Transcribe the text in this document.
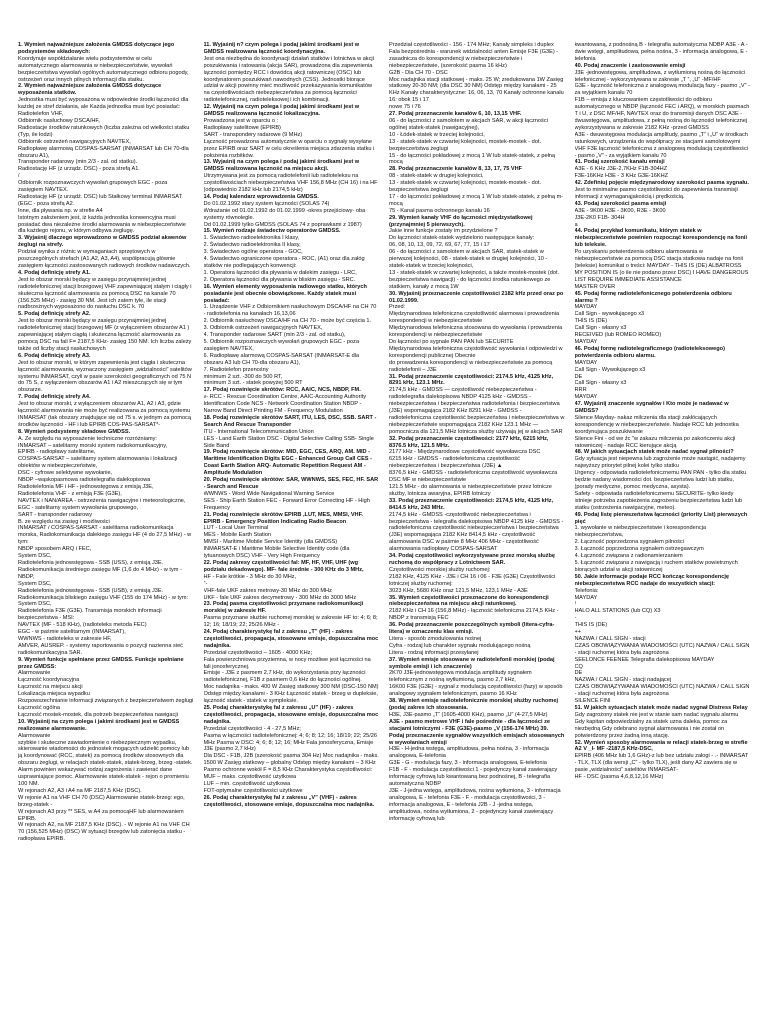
1. Wymień najważniejsze założenia GMDSS dotyczące jego podsystemów składowych:
Koordynuje współdziałanie wielu podsystemów w celu automatycznego alarmowania w niebezpieczeństwie, wywołań bezpieczeństwa wywołań ogólnych automatycznego odbioru pogody, ostrzeżeń oraz innych pilnych informacji dla statku.
2. Wymień najważniejsze założenia GMDSS dotyczące wyposażenia statków.
Jednostka musi być wyposażona w odpowiednie środki łączności dla każdej ze stref działania, ale Każda jednostka musi być posiadać:
Radiotelefon VHF,
Odbiornik nasłuchowy DSCA/HF,
Radiostacje środków ratunkowych (liczba zależna od wielkości statku (Typ, ile łodzi)
Odbiornik ostrzeżeń nawigacyjnych NAVTEX,
Radiopławę alarmową COSPAS-SARSAT (INMARSAT lub CH 70-dla obszaru A1),
Transponder radarowy (min 2/3 - zal. od statku).
Radiostację HF (z urządz. DSC) - poza strefą A1.
/
Odbiornik rozpoznawczych wywołań grupowych EGC - poza zasięgiem NAVTEX.
Radiostację HF (z urządź. DSC) lub Stałkowy terminal INMARSAT (EGC - poza strefą A2.
Inne, dla pływania np. w strefie A4
Istotnym założeniem jest, iż każda jednostka konwencyjna musi posiadać dwa niezależne środki alarmowania w niebezpieczeństwie dla każdego rejonu, w którym odbywa żeglugę.
3. Wyjaśnij dlaczego wprowadzono w GMDSS podział akwenów żeglugi na strefy.
Podział wynika z różnic w wymaganiach sprzętowych w poszczególnych strefach (A1,A2, A3, A4), współpracują głównie zasięgiem łączności zastosowanych radiowych środków nadawczych.
4. Podaj definicję strefy A1.
Jest to obszar morski będący w zasięgu przynajmniej jednej radiotelefonicznej stacji brzegowej VHF zapewniającej stałym i ciągły i skuteczna łączność alarmowania za pomocą DSC na kanale 70 (156,525 MHz) - zasięg 30 NM. Jest ich zatem tyle, ile stacji nadbrzeżnych wyposażono do nasłuchu DSC k. 70
5. Podaj definicję strefy A2.
Jest to obszar morski będący w zasięgu przynajmniej jednej radiotelefonicznej stacji brzegowej MF (z wyłączeniem obszarów A1 ) zapewniającej stałym ciągłą i skuteczna łączność alarmowania za pomocą DSC na fali F= 2187,5 KHz- zasięg 150 NM. Ich liczba zależy także od liczby stacji nasłuchowych
6. Podaj definicję strefy A3.
Jest to obszar morski, w którym zapewnienia jest ciągła i skuteczna łączność alarmowania, wyznaczony zasięgiem „widzialności” satelitów systemu INMARSAT, czyli w pasie szerokości geograficznych od 75 N do 75 S, z wyłączeniem obszarów A1 i A2 mieszczących się w tym obszarze.
7. Podaj definicję strefy A4.
Jest to obszar morski, z wyłączeniem obszarów A1, A2 i A3, gdzie łączność alarmowania nie może być realizowana za pomocą systemu INMARSAT (tak obszary znajdujące się od 75 s. w jednym za pomocą środków łączności - HF i lub EPIRB COS-PAS-SARSAT*-
8. Wymień podsystemy składowe GMDSS.
A. Ze względu na wyposażenie techniczne rozróżniamy:
INMARSAT – satelitarny morski system radiokomunikacyjny,
EPIRB - radiopławy satelitarne,
COSPAS-SARSAT – satelitarny system alarmowania i lokalizacji obiektów w niebezpieczeństwie,
DSC - cyfrowe selektywne wywołanie,
NBDP –wąskopasmowa radiotelegrafia dalekopisowa
Radiotelefonia MF i HF - jednowstęgowa z emisją J3E,
Radiotelefonia VHF - z emisją F3E (G3E),
NAVTEX i NAN/AREA - ostrzeżenia nawigacyjne i meteorologiczne,
EGC - satelitarny system wywołania grupowego,
SART - transponder radarowy
B. ze względu na zasięg i możliwości
INMARSAT / COSPAS-SARSAT - satelitarna radiokomunikacja morska, Radiokomunikacja dalekiego zasięgu HF (4 do 27,5 MHz) - w tym:
NBDP sposobem ARQ i FEC,
System DSC,
Radiotelefonia jednowstęgowa - SSB (USS), z emisją J3E. Radiokomunikacja średniego zasięgu MF (1,6 do 4 MHz) - w tym - NBDP,
System DSC,
Radiotelefonia jednowstęgowa - SSB (USB), z emisją J3E. Radiokomunikacja bliskiego zasięgu VHF (155 do 174 MHz) - w tym:
System DSC,
Radiotelefonia F3E (G3E). Transmisja morskich informacji bezpieczeństwa - MSI:
NAVTEX (MF - 518 KHz), (radioteleks metoda FEC)
EGC - w paśmie satelitarnym (INMARSAT),
WWNWS - radioteleks w zakresie HF,
AMVER, AUSREP. - systemy raportowania o pozycji nazienna sieć radiokomunikacyjna SAR.
9. Wymień funkcje spełniane przez GMDSS. Funkcje spełniane przez GMDSS:
Alarmowanie
Łączność koordynacyjna
Łączność na miejscu akcji
Lokalizacja miejsca wypadku
Rozpowszechnianie informacji związanych z bezpieczeństwem żeglugi
Łączność ogólna
Łączność mostek-mostek, dla potrzeb bezpieczeństwa nawigacji
10. Wyjaśnij na czym polega i jakimi środkami jest w GMDSS realizowane alarmowanie.
Alarmowanie
szybkie i skuteczne zawiadomienie o niebezpiecznym wypadku,
skierowanie wiadomości do jednostek mogących udzielić pomocy lub ją koordynować (RCC, statek) za pomocą środków stosownych dla obszaru żeglugi, w relacjach statek-statek, statek-brzeg, brzeg -statek. Alarm powinien wskazywać rodzaj zagrożenia i zawierać dane usprawniające pomoc. Alarmowanie statek-statek - rejon o promieniu 100 NM.
W rejonach A2, A3 i A4 na MF 2187,5 KHz (DSC).
W rejonie A1 na VHF CH 70 (DSC) Alarmowanie statek-brzeg: ego, brzeg-statek -
W rejonach A3 przy ** SES, w A4 za pomocąHF lub alarmowaniem EPIRB.
W rejonach A2, na MF 2187,5 KHz (DSC). - W rejonie A1 na VHF CH 70 (156,525 MHz) (DSC) W sytuacji brzegów lub zatonięcia statku - radiopława EPIRB.
11. Wyjaśnij n? czym polega i podaj jakimi środkami jest w GMDSS realizowana łączność koordynacyjna.
Jest ona niezbędna do koordynacji działań statków i lotnictwa w akcji poszukiwania i ratowania (akcja SAR), prowadzona dla zapewnienia łączności pomiędzy RCC i dowódcą akcji ratowniczej (OSC) lub koordynatorem poszukiwań nawodnych (CSS). Jednostki biorące udział w akcji powinny mieć możliwość przekazywania komunikatów na częstotliwościach niebezpieczeństwa za pomocą łączności radiotelefonicznej, radioteleksowej i ich kombinacji.
12. Wyjaśnij na czym polega i podaj jakimi środkami jest w GMDSS realizowana łączność lokalizacyjna.
Prowadzona jest w oparciu o :
Radiopławy satelitowe (EPIRB)
SART - transpondery radarowe (9 MHz)
Łączność prowadzona automatycznie w oparciu o sygnały wysyłane przez EPIRB oraz SART w celu określenia miejsca zdarzenia statku i położenia rozbitków.
13. Wyjaśnij na czym polega i podaj jakimi środkami jest w GMDSS realizowana łączność na miejscu akcji.
Utrzymywana jest za pomocą radiotelefonii lub radioteleksu na częstotliwościach niebezpieczeństwa VHF 156,8 MHz (CH 16) i na HF (odpowiednio 2182 kHz lub 2174,5 kHz)
14. Podaj kalendarz wprowadzenia GMDSS.
Do 01.02.1992 stary system łączności (SOLAS 74)
Wdrażanie od 01.02.1992 do 01.02.1999 -okres przejściowy- oba systemy równolegle.
Od 01.02.1999 tylko GMDSS (SOLAS 74 z poprawkami z 1987)
15. Wymień rodzaje świadectw operatorów GMDSS.
1. Świadectwo radioelektronika I klasy,
2. Świadectwo radioelektronika II klasy,
3. Świadectwo ogólne operatora - GOC,
4. Świadectwo ograniczone operatora - ROC, (A1) oraz dla załóg statków nie podlegających konwencji:
1. Operatora łączności dla pływania w dalekim zasięgu - LRC,
2. Operatora łączności dla pływania w bliskim zasięgu - SRC.
16. Wymień elementy wyposażenia radiowego statku, których posiadanie jest obecnie obowiązkowe. Każdy statek musi posiadać:
1. Urządzenie VHF z Odbiornikiem nasłuchowym DSCA/HF na CH 70 - radiotelefonia na kanałach 16,13,06
2. Odbiornik nasłuchowy DSCA/HF na CH 70 - może być częścia 1.
3. Odbiornik ostrzeżeń nawigacyjnych NAVTEX,
4. Transponder radarowe SART (min 2/3 - zal. od statku),
5. Odbiornik rozpoznawczych wywołań grupowych EGC - poza zasięgiem NAVTEX,
6. Radiopławę alarmową COSPAS-SARSAT (INMARSAT-E dla obszaru A3 lub CH 70-dla obszaru A1),
7. Radiotelefon przenośny
minimum 2 szt. -300 do 500 RT,
minimum 3 szt. - statek powyżej 500 RT
17. Podaj rozwinięcie skrótów: RCC, AAIC, NCS, NBDP, FM.
v- RCC - Rescue Coordination Centre, AAIC-Accounting Authority Identification Code NCS - Network Coordination Station NBDP - Narrow Band Direct Printing FM - Frequency Modulation
18. Podaj rozwinięcie skrótów SART, ITU, LES, DSC, SSB. SART - Search And Rescue Transponder
ITU - International Telecommunication Union
LES - Land Earth Station DSC - Digital Selective Calling SSB- Single Side Band
19. Podaj rozwinięcie skrótów: MID, EGC, CES, ARQ, AM. MID - Maritime Identification Digits EGC - Enhanced Group Call CES - Coast Earth Station ARQ- Automatic Repetition Request AM - Amplitude Modulation
20. Podaj rozwinięcie skrótów: SAR, WWNWS, SES, FEC, HF. SAR - Search and Rescue
WWNWS - Word Wide Navigational Warning Service
SES - Ship Earth Station FEC - Forward Error Correcting HF - High Frequency
21. Podaj rozwinięcie skrótów EPIRB ,LUT, MES, MMSI, VHF. EPIRB - Emergency Position Indicating Radio Beacon
LUT - Local User Terminal
MES - Mobile Earth Station
MMSI - Maritime Mobile Service Identity (dla GMDSS)
INMARSAT-E i Maritime Mobile Selective Identity code (dla tytuanowych DSC) VHF - Very High Frequency
22. Podaj zakresy częstotliwości fal: MF, HF, VHF, UHF (wg podziału dekadowego). MF- fale średnie - 300 KHz do 3 MHz,
HF - Fale krótkie - 3 MHz do 30 MHz,
"-
VHF-fale UKF zakres metrowy-30 MHz do 300 MHz
UKF - fale UKF zakres decymetrowy - 300 MHz do 3000 MHz
23. Podaj pasma częstotliwości przyznane radiokomunikacji morskiej w zakresie HF.
Pasma przyznane służbie ruchomej morskiej w zakresie HF to: 4; 6; 8; 12; 16; 18/19; 22; 25/26 MHz -
24. Podaj charakterystykę fal z zakresu „T” (HF) - zakres częstotliwości, propagacja, stosowane emisje, dopuszczalna moc nadajnika.
Przedział częstotliwości – 1605 - 4000 KHz;
Fala powierzchniowa przyziemna, w nocy możliwe jest łączności na fali jonosferycznej.
Emisje - J3E z pasmem 2,7 kHz, do wykorzystania przy łączności radiotelefonicznej, F1B z pasmem 0,6 kHz do łączności ogólnej.
Moc nadajnika - maks. 400 W Zasięg statkowy 300 NM (DSC-150 NM) Odstęp między kanałami - 3 KHz Łączność statek - brzeg w dupleksie, łączność statek - statek w sympleksie.
25. Podaj charakterystykę fal z zakresu „U” (HF) - zakres częstotliwości, propagacja, stosowane emisje, dopuszczalna moc nadajnika.
Przedział częstotliwości - 4 - 27,5 MHz;
Pasma w łączności radiotelefonicznej: 4; 6; 8; 12; 16; 18/19; 22; 25/26 MHz Pasma w DSC: 4; 6; 8; 12; 16; MHz Fala jonosferyczna, Emisje J3E (pasmo 2,7 kHz)
Dla DSC - F1B, J2B (szerokość pasma 304 Hz) Moc nadajnika - maks. 1500 W Zasięg statkowy – globalny Odstęp między kanałami – 3 KHz Pasmo ochronne wokół F = 8,5 KHz Charakterystyka częstotliwości:
MUF – maks. częstotliwość użytkowa
LUF – min. częstotliwość użytkowa
FOT-optymalne częstotliwości użytkowe
26. Podaj charakterystykę fal z zakresu „V” (VHF) - zakres częstotliwości, stosowane emisje, dopuszczalna moc nadajnika.
Przedział częstotliwości - 156 - 174 MHz; Kanały simpleks i duplex
Fala bezpośrednia - warunek widzialności anten Emisje F3E (G3E) - zasadnicza do korespondencji w niebezpieczeństwie i niebezpieczeństwie, (szerokość pasma 16 kHz)
G2B - Dla CH 70 - DSC
Moc nadajnika stacji statkowej - maks. 25 W; zredukowana 1W Zasięg statkowy 20-30 NM; (dla DSC 30 NM) Odstęp między kanałami - 25 KHz Kanały charakterystyczne: 16, 06, 13, 70 Kanały ochronne kanału 16: obok 15 i 17
nowe 75 i 76
27. Podaj przeznaczenie kanałów 6, 10, 13,15 VHF.
06 - do łączności z samolotem w akcjach SAR, w akcji łączności ogólnej statek-statek (nawigacyjnej),
10 - Łódek-statek w trzeciej kolejności,
13 - statek-statek w czwartej kolejności, mostek-mostek - dot. bezpieczeństwa żeglugi
15 - do łączności pokładowej z mocą 1 W lub statek-statek, z pełną mocą
28. Podaj przeznaczenie kanałów 8, 13, 17, 75 VHF
08 - statek-statek w drugiej kolejności,
13 - statek-statek w czwartej kolejności, mostek-mostek - dot. bezpieczeństwa żeglugi
17 - do łączności pokładowej z mocą 1 W lub statek-statek, z pełną m-mocą
75 - Kanał pasma ochronnego kanału 16
29. Wymień kanały VHF do łączności międzystatkowej (przynajmniej 5 pierwszych).
Jakie inne funkcje zostały im przydzielone ?
Do łączności statek-statek wydzielono następujące kanały:
06, 08, 10, 13, 09, 72, 69, 67, 77, 15 i 17
06 - do łączności z samolotem w akcjach SAR, statek-statek w pierwszej kolejności, 08 - statek-statek w drugiej kolejności, 10 - statek-statek w trzeciej kolejności,
13 - statek-statek w czwartej kolejności, a także mostek-mostek (dot. bezpieczeństwa nawigacji) - do łączności środka ratunkowego ze statkiem, kanały z mocą 1W
30. Wyjaśnij przeznaczenie częstotliwości 2182 kHz przed oraz po 01.02.1999.
Przed:
Międzynarodowa telefoniczna częstotliwość alarmowa i prowadzenia korespondencji w niebezpieczeństwie
Międzynarodowa telefoniczna stosowana do wywołania i prowadzenia korespondencji w niebezpieczeństwie
Do łączności po sygnale PAN PAN lub SECURITE
Międzynarodowa telefoniczna częstotliwość wywołania i odpowiedzi w korespondencji publicznej Obecnie
do prowadzenia korespondencji w niebezpieczeństwie za pomocą radiotelefonii – J3E
31. Podaj przeznaczenie częstotliwości: 2174.5 kHz, 4125 kHz, 8291 kHz, 123.1 MHz.
2174,5 kHz - GMDSS — częstotliwość niebezpieczeństwa - radiotelegrafia dalekopisowa NBDP 4125 kHz - GMDSS - niebezpieczeństwa i bezpieczeństwa radiotelefonia i bezpieczeństwa (J3E) wspomagająca 2182 KHz 8291 kHz - GMDSS - radiotelefoniczna częstotliwość bezpieczeństwa i niebezpieczeństwa w niebezpieczeństwie wspomagająca 2182 KHz 123.1 MHz — pomocnicza dla 121,5 MHz lotnicza służby używają jej w akcjach SAR
32. Podaj przeznaczenie częstotliwości: 2177 kHz, 6215 kHz, 8376.5 kHz, 121.5 MHz.
2177 kHz - Międzynarodowe częstotliwość wywoławcza DSC
6215 kHz - GMDSS - radiotelefoniczna częstotliwość niebezpieczeństwa i bezpieczeństwa (J3E) ▲
8376,5 kHz - GMDSS - radiotelefoniczna częstotliwość wywoławcza DSC MF w niebezpieczeństwie
121.5 MHz - do alarmowania w niebezpieczeństwie przez lotnicze służby, lotnicza awaryjna, EPIRB lotniczy
33. Podaj przeznaczenie częstotliwości: 2174,5 kHz, 4125 kHz, 8414.5 kHz, 243 MHz.
2174,5 kHz - GMDSS -częstotliwość niebezpieczeństwa i bezpieczeństwa - telegrafia dalekopisowa NBDP 4125 kHz - GMDSS - radiotelefoniczna częstotliwość niebezpieczeństwa i bezpieczeństwa (J3E) wspomagająca 2182 KHz 8414,5 kHz - częstotliwość alarmowania DSC w paśmie 8 MHz 406 MHz - częstotliwość alarmowania radiopławy COSPAS-SARSAT
34. Podaj częstotliwości wykorzystywane przez morską służbę ruchomą do współpracy z Lotnictwem SAR.
Częstotliwości morskiej służby ruchomej:
2182 KHz, 4125 KHz - J3E i CH 16 i 06 - F3E (G3E) Częstotliwości lotniczej służby ruchomej:
3023 KHz, 5680 KHz oraz 121,5 MHz, 123,1 MHz - A3E
35. Wymień częstotliwości przeznaczone do korespondencji niebezpieczeństwa na miejscu akcji ratunkowej.
2182 KHz i CH 16 (156,8 MHz) - łączność telefoniczna 2174,5 KHz - NBDP z transmisją FEC
36. Podaj przeznaczenie poszczególnych symboli (litera-cyfra-litera) w oznaczeniu klas emisji.
Litera - sposób zmodulowania nośnej
Cyfra - rodzaj lub charakter sygnału modulującego nośną
Litera - rodzaj informacji przesyłanej
37. Wymień emisje stosowane w radiotelefonii morskiej (podaj symbole emisji i ich znaczenie)
2K70 J3E-jednowstęgowa modulacja amplitudy sygnałem telefonicznym z nośną wytłumioną, pasmo 2,7 kHz,
16K00 F3E (G3E) - sygnał z modulacją częstotliwości (fazy) w sposób analogowy sygnałem telefonicznym, pasmo 16 KHz
38. Wymień emisje radiotelefonicznie morskiej służby ruchomej (podaj zakres ich stosowania.
H3E, J3E-pasmo „T” (1605-4000 KHz), pasmo „U” (4-27,5 MHz)
A3E - pasmo metrowe VHF i fale pośrednie - dla łączności ze stacjami lotniczymi - F3E (G3E)-pasmo „V (156-174 MHz) 39. Podaj przeznaczenie sygnałów wszystkich emisjach stosowanych w wywołaniach emisji
H3E - H-jedna wstęga, amplitudowa, pełna nośna, 3 - informacja analogowa, E-telefonia
G3E - G - modulacja fazy, 3 - informacja analogowa, E-telefonia
F1B - F - modulacja częstotliwości 1 - pojedynczy kanał zawierający informację cyfrową lub kwantowaną bez podnośnej, B - telegrafia automatyczna NDBP
J3E - J-jedna wstęga, amplitudowa, nośna wytłumiona, 3 - informacja analogowa, E - telefonia F3E - F - modulacja częstotliwości, 3 - informacja analogowa, E - telefonia J2B - J -jedna wstęga, amplitudowa, nośna wytłumiona, 2 - pojedynczy kanał zawierający informację cyfrową lub
kwantowaną, z podnośną B - telegrafia automatyczna NDBP A3E - A - dwie wstęgi, amplitudowa, pełna nośna, 3 - informacja analogowa, E - telefonia
40. Podaj znaczenie i zastosowanie emisji
J3E -jednowstęgowa, amplitudowa, z wytłumioną nośną do łączności telefonicznej - wykorzystywana w zakresie „T ”, „U” -MF/HF
G3E - łączność telefoniczna z analogową modulacją fazy - pasmo „V” - za wyjątkiem kanału 70
F1B – emisja z kluczowaniem częstotliwości do odbioru automatycznego w NBDP (łączność FEC i ARQ), w morskich pasmach T i U, z DSC MF/HF, NAVTEX oraz do transmisji danych DSC A3E - dwuwstęgowa, amplitudowa, z pełną nośną do łączności telefonicznej wykorzystywana w zakresie 2182 KHz -przed GMDSS
A3E - dwuwstęgowa modulacja amplitudy, pasmo „T” i „U” w środkach ratunkowych, urządzenia do współpracy ze stacjami samolotowymi VHF F3E łączność telefoniczna z analogową modulacją częstotliwości - pasmo „V” - za wyjątkiem kanału 70
41. Podaj szerokość kanału emisji
A3E - 6 KHz J3E-2,7KHz F1B-304HZ
F3E-16KHz H3E - 3 KHz G3E-16KHZ
42. Zdefiniuj pojęcie międzynarodowy szerokości pasma sygnału.
Jest to minimalne pasmo częstotliwości do zapewnienia transmisji informacji z wymaganąjakością i prędkością.
43. Podaj szerokości pasma emisji
A3E - 9K00 H3E - 3K00, R3E - 3K00
J3E-2K0 F1B- 304H
a
44. Podaj przykład komunikatu, którym statek w niebezpieczeństwie powinien rozpocząć korespondencję na fonii lub teleksie.
Po uzyskaniu potwierdzenia odbioru alarmowania w niebezpieczeństwie za pomocą DSC stacja statkowa nadaje na fonii (teleksie) komunikat o treści: MAYDAY - THIS IS (DE) ALBATROSS
MY POSITION IS (o ile nie podano przez DSC) I HAVE DANGEROUS LIST REQUIRE IMMEDIATE ASSISTANCE
MASTER OVER
45. Podaj formę radiotelefonicznego potwierdzenia odbioru alarmu ?
MAYDAY
Call Sign - wywołującego x3
THIS IS (DE)
Call Sign - własny x3
RECEIVED (lub ROMEO ROMEO)
MAYDAY
46. Podaj formę radiotelegraficznego (radioteleksowego) potwierdzenia odbioru alarmu.
MAYDAY
Call Sign - Wywołującego x3
DE
Call Sign - własny x3
RRR
MAYDAY
47. Wyjaśnij znaczenie sygnałów i Kto może je nadawać w GMDSS?
Silence Mayday- nakaz milczenia dla stacji zakłócających korespondencję w niebezpieczeństwie. Nadaje RCC lub jednostka koordynująca poszukiwanie
Silence Fini - od we źc "w zakazu milczenia po zakończeniu akcji ratowniczej - nadaje RCC kierujące akcją
48. W jakich sytuacjach statek może nadać sygnał pilności?
Gdy sytuacja jest niepewna lub zagrożenie może nastąpić, nadajemy najwyższy priorytet pilnej kolei tylko statku
Urgency - odpowiada radiotelefonicznemu PAN PAN - tylko dla statku będzie nadany wiadomości dot. bezpieczeństwa ludzi lub statku, (porady medyczne, pomoc medyczna, asysta).
Safety - odpowiada radiotelefonicznemu SECURITE- tylko kiedy istnieje potrzeba zapobieżenia zagrożeniu bezpieczeństwa ludzi lub statku (ostrzeżenia nawigacyjne, meteo).
49. Podaj listę pierwszeństwa łączności (priority List) pierwszych pięć
1. wywołanie w niebezpieczeństwie i korespondencja niebezpieczeństwa,
2. Łączność poprzedzona sygnałem pilności
3. Łączność poprzedzona sygnałem ostrzegawczym
4. Łączność związana z radionamierzaniem
5. Łączność związana z nawigacją i ruchem statków powietrznych biorących udział w akcji ratowniczej
50. Jakie informacje podaje RCC kończąc korespondencję niebezpieczeństwa RCC nadaje do wszystkich stacji:
Telefonia:
MAYDAY
/
HALO ALL STATIONS (lub CQ) X3
-
THIS IS (DE)
++
NAZWA / CALL SIGN - stacji
CZAS OBOWIĄZYWANIA WIADOMOŚCI (UTC) NAZWA / CALL SIGN - stacji ruchomej która była zagrożona
SEELONCE FEENEE Telegrafia dalekopisowa MAYDAY
CQ
DE
NAZWA / CALL SIGN - stacji nadającej
CZAS OBOWIĄZYWANIA WIADOMOŚCI (UTC) NAZWA / CALL SIGN - stacji ruchomej która była zagrożona
SILENCE FINI
51. W jakich sytuacjach statek może nadać sygnał Distress Relay
Gdy zagrożony statek nie jest w stanie sam nadać sygnału alarmu Gdy kapitan odpowiedzialny za statek uzna daleka, pomoc za niezbędną Gdy odebrano sygnał alarmowania i nie został on potwierdzony przez żadną inną stację.
52. Wymień sposoby alarmowania w relacji statek-brzeg w strefie A2 V _I- MF -2187,5 KHz-DSC,
EPIRB (406 MHz lub 1,6 GHz)-z lub bez udziału załogi - .- INMARSAT - TLX, TLX (dla wersji „C” - tylko TLX), jeśli dany A2 zawiera się w pasie „widzialności” satelitów INMARSAT-
HF - DSC (pasma 4,6,8,12,16 MHz)
